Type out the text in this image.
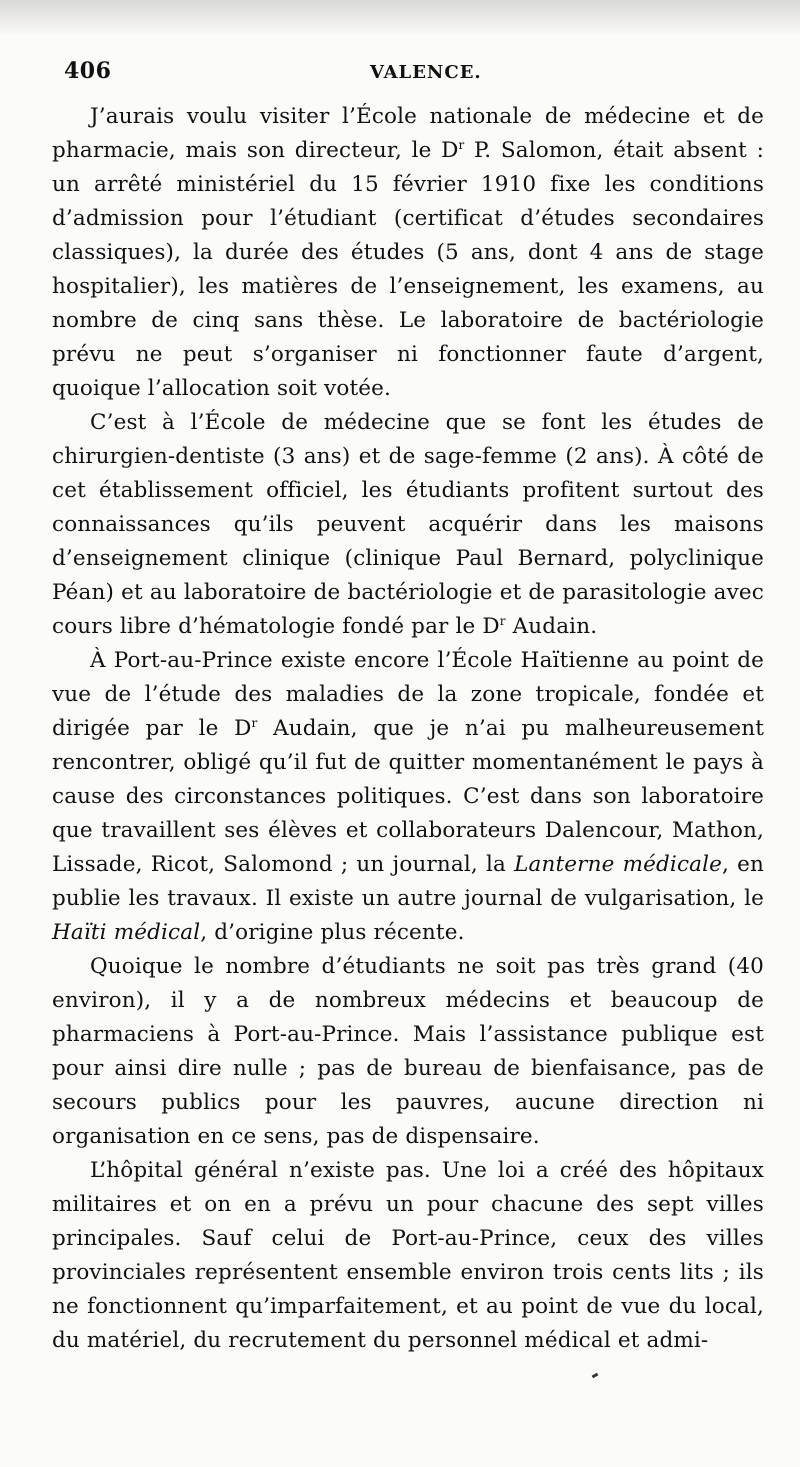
406	VALENCE.

J’aurais voulu visiter l’École nationale de médecine et de pharmacie, mais son directeur, le $D^r$ P. Salomon, était absent : un arrêté ministériel du 15 février 1910 fixe les conditions d’admission pour l’étudiant (certificat d’études secondaires classiques), la durée des études (5 ans, dont 4 ans de stage hospitalier), les matières de l’enseignement, les examens, au nombre de cinq sans thèse. Le laboratoire de bactériologie prévu ne peut s’organiser ni fonctionner faute d’argent, quoique l’allocation soit votée.

C’est à l’École de médecine que se font les études de chirurgien-dentiste (3 ans) et de sage-femme (2 ans). À côté de cet établissement officiel, les étudiants profitent surtout des connaissances qu’ils peuvent acquérir dans les maisons d’enseignement clinique (clinique Paul Bernard, polyclinique Péan) et au laboratoire de bactériologie et de parasitologie avec cours libre d’hématologie fondé par le $D^r$ Audain.

À Port-au-Prince existe encore l’École Haïtienne au point de vue de l’étude des maladies de la zone tropicale, fondée et dirigée par le $D^r$ Audain, que je n’ai pu malheureusement rencontrer, obligé qu’il fut de quitter momentanément le pays à cause des circonstances politiques. C’est dans son laboratoire que travaillent ses élèves et collaborateurs Dalencour, Mathon, Lissade, Ricot, Salomond ; un journal, la Lanterne médicale, en publie les travaux. Il existe un autre journal de vulgarisation, le Haïti médical, d’origine plus récente.

Quoique le nombre d’étudiants ne soit pas très grand (40 environ), il y a de nombreux médecins et beaucoup de pharmaciens à Port-au-Prince. Mais l’assistance publique est pour ainsi dire nulle ; pas de bureau de bienfaisance, pas de secours publics pour les pauvres, aucune direction ni organisation en ce sens, pas de dispensaire.

L’hôpital général n’existe pas. Une loi a créé des hôpitaux militaires et on en a prévu un pour chacune des sept villes principales. Sauf celui de Port-au-Prince, ceux des villes provinciales représentent ensemble environ trois cents lits ; ils ne fonctionnent qu’imparfaitement, et au point de vue du local, du matériel, du recrutement du personnel médical et admi-
